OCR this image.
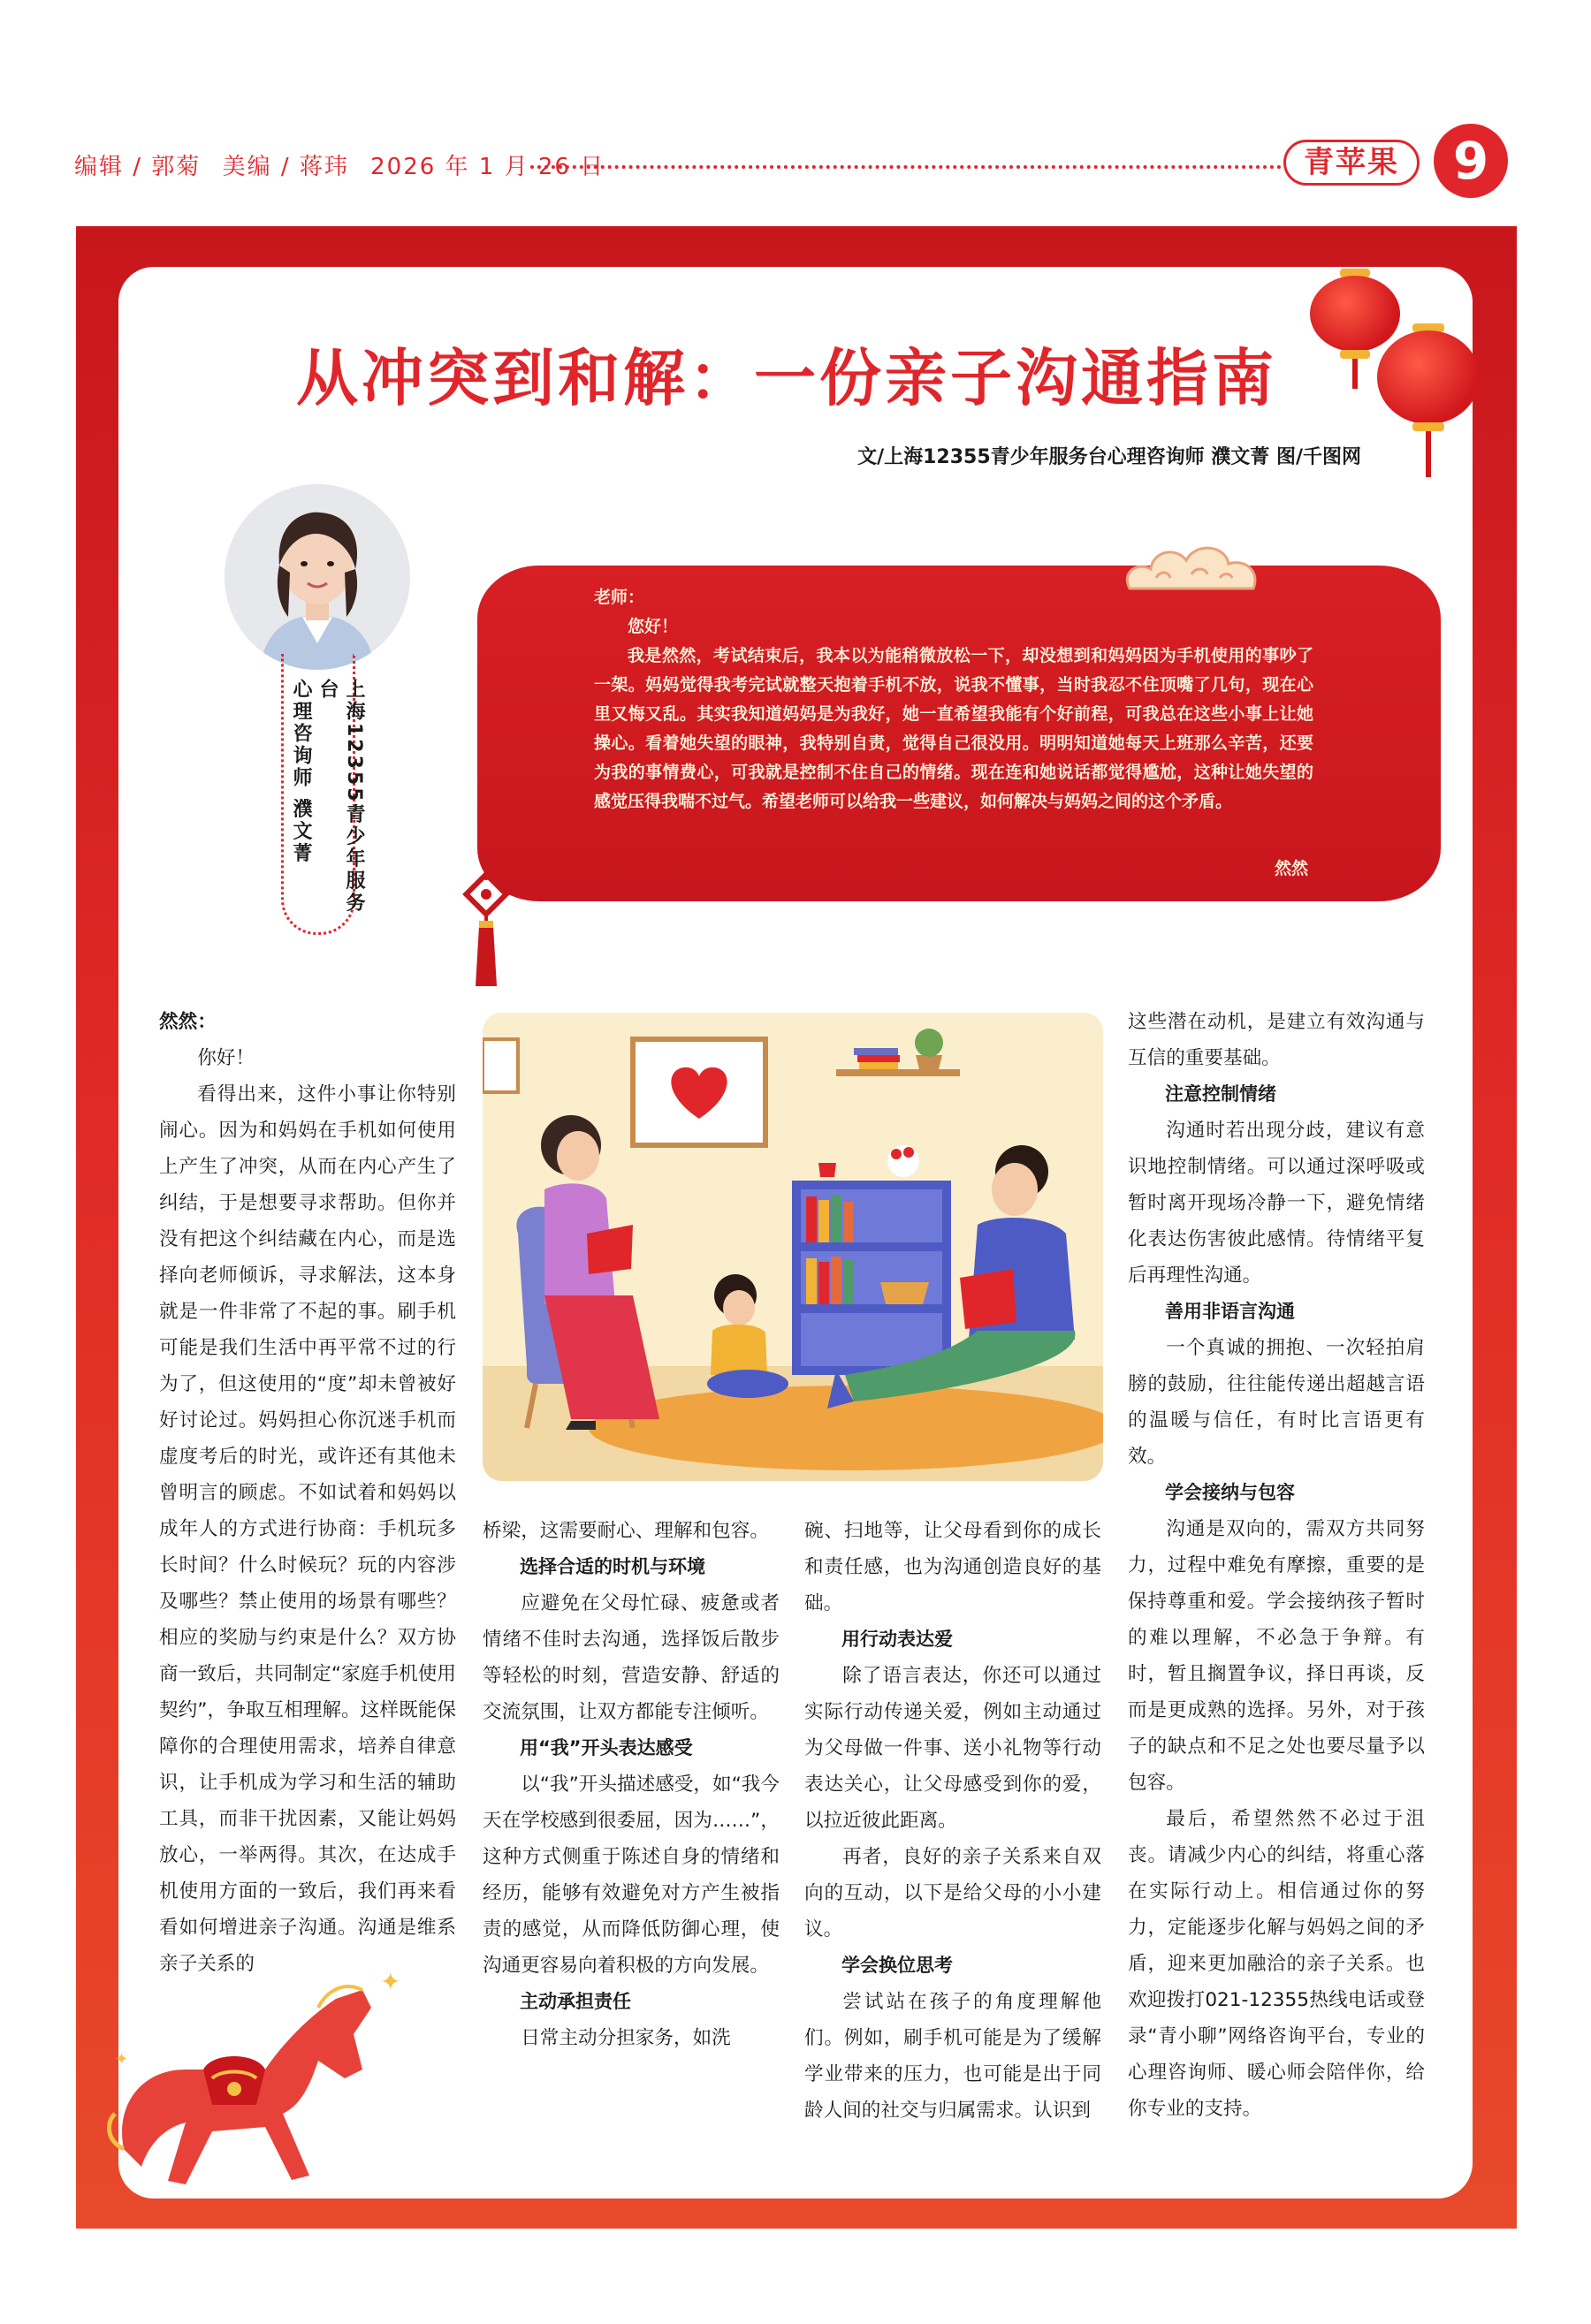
编辑 / 郭菊 美编 / 蒋玮 2026 年 1 月 26 日	青苹果	9
从冲突到和解：一份亲子沟通指南
文/上海12355青少年服务台心理咨询师 濮文菁 图/千图网
上海12355青少年服务台
心理咨询师 濮文菁

老师：

您好！

我是然然，考试结束后，我本以为能稍微放松一下，却没想到和妈妈因为手机使用的事吵了一架。妈妈觉得我考完试就整天抱着手机不放，说我不懂事，当时我忍不住顶嘴了几句，现在心里又悔又乱。其实我知道妈妈是为我好，她一直希望我能有个好前程，可我总在这些小事上让她操心。看着她失望的眼神，我特别自责，觉得自己很没用。明明知道她每天上班那么辛苦，还要为我的事情费心，可我就是控制不住自己的情绪。现在连和她说话都觉得尴尬，这种让她失望的感觉压得我喘不过气。希望老师可以给我一些建议，如何解决与妈妈之间的这个矛盾。

然然

然然：

你好！

看得出来，这件小事让你特别闹心。因为和妈妈在手机如何使用上产生了冲突，从而在内心产生了纠结，于是想要寻求帮助。但你并没有把这个纠结藏在内心，而是选择向老师倾诉，寻求解法，这本身就是一件非常了不起的事。刷手机可能是我们生活中再平常不过的行为了，但这使用的“度”却未曾被好好讨论过。妈妈担心你沉迷手机而虚度考后的时光，或许还有其他未曾明言的顾虑。不如试着和妈妈以成年人的方式进行协商：手机玩多长时间？什么时候玩？玩的内容涉及哪些？禁止使用的场景有哪些？相应的奖励与约束是什么？双方协商一致后，共同制定“家庭手机使用契约”，争取互相理解。这样既能保障你的合理使用需求，培养自律意识，让手机成为学习和生活的辅助工具，而非干扰因素，又能让妈妈放心，一举两得。其次，在达成手机使用方面的一致后，我们再来看看如何增进亲子沟通。沟通是维系亲子关系的

桥梁，这需要耐心、理解和包容。

选择合适的时机与环境

应避免在父母忙碌、疲惫或者情绪不佳时去沟通，选择饭后散步等轻松的时刻，营造安静、舒适的交流氛围，让双方都能专注倾听。

用“我”开头表达感受

以“我”开头描述感受，如“我今天在学校感到很委屈，因为……”，这种方式侧重于陈述自身的情绪和经历，能够有效避免对方产生被指责的感觉，从而降低防御心理，使沟通更容易向着积极的方向发展。

主动承担责任

日常主动分担家务，如洗

碗、扫地等，让父母看到你的成长和责任感，也为沟通创造良好的基础。

用行动表达爱

除了语言表达，你还可以通过实际行动传递关爱，例如主动通过为父母做一件事、送小礼物等行动表达关心，让父母感受到你的爱，以拉近彼此距离。

再者，良好的亲子关系来自双向的互动，以下是给父母的小小建议。

学会换位思考

尝试站在孩子的角度理解他们。例如，刷手机可能是为了缓解学业带来的压力，也可能是出于同龄人间的社交与归属需求。认识到

这些潜在动机，是建立有效沟通与互信的重要基础。

注意控制情绪

沟通时若出现分歧，建议有意识地控制情绪。可以通过深呼吸或暂时离开现场冷静一下，避免情绪化表达伤害彼此感情。待情绪平复后再理性沟通。

善用非语言沟通

一个真诚的拥抱、一次轻拍肩膀的鼓励，往往能传递出超越言语的温暖与信任，有时比言语更有效。

学会接纳与包容

沟通是双向的，需双方共同努力，过程中难免有摩擦，重要的是保持尊重和爱。学会接纳孩子暂时的难以理解，不必急于争辩。有时，暂且搁置争议，择日再谈，反而是更成熟的选择。另外，对于孩子的缺点和不足之处也要尽量予以包容。

最后，希望然然不必过于沮丧。请减少内心的纠结，将重心落在实际行动上。相信通过你的努力，定能逐步化解与妈妈之间的矛盾，迎来更加融洽的亲子关系。也欢迎拨打021-12355热线电话或登录“青小聊”网络咨询平台，专业的心理咨询师、暖心师会陪伴你，给你专业的支持。

✦
✦
